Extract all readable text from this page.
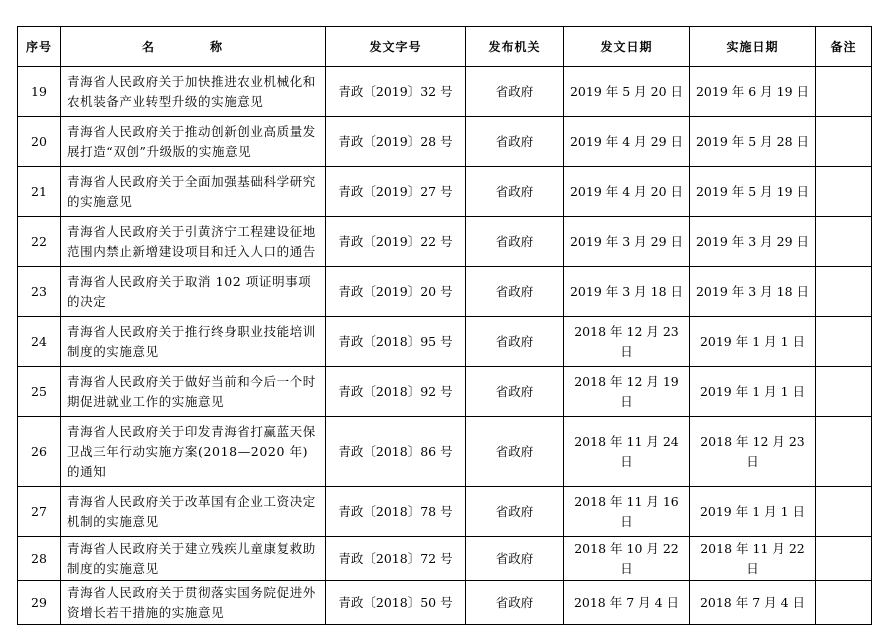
序号	名　称	发文字号	发布机关	发文日期	实施日期	备注
19	青海省人民政府关于加快推进农业机械化和农机装备产业转型升级的实施意见	青政〔2019〕32 号	省政府	2019 年 5 月 20 日	2019 年 6 月 19 日	
20	青海省人民政府关于推动创新创业高质量发展打造“双创”升级版的实施意见	青政〔2019〕28 号	省政府	2019 年 4 月 29 日	2019 年 5 月 28 日	
21	青海省人民政府关于全面加强基础科学研究的实施意见	青政〔2019〕27 号	省政府	2019 年 4 月 20 日	2019 年 5 月 19 日	
22	青海省人民政府关于引黄济宁工程建设征地范围内禁止新增建设项目和迁入人口的通告	青政〔2019〕22 号	省政府	2019 年 3 月 29 日	2019 年 3 月 29 日	
23	青海省人民政府关于取消 102 项证明事项的决定	青政〔2019〕20 号	省政府	2019 年 3 月 18 日	2019 年 3 月 18 日	
24	青海省人民政府关于推行终身职业技能培训制度的实施意见	青政〔2018〕95 号	省政府	2018 年 12 月 23 日	2019 年 1 月 1 日	
25	青海省人民政府关于做好当前和今后一个时期促进就业工作的实施意见	青政〔2018〕92 号	省政府	2018 年 12 月 19 日	2019 年 1 月 1 日	
26	青海省人民政府关于印发青海省打赢蓝天保卫战三年行动实施方案(2018—2020 年)的通知	青政〔2018〕86 号	省政府	2018 年 11 月 24 日	2018 年 12 月 23 日	
27	青海省人民政府关于改革国有企业工资决定机制的实施意见	青政〔2018〕78 号	省政府	2018 年 11 月 16 日	2019 年 1 月 1 日	
28	青海省人民政府关于建立残疾儿童康复救助制度的实施意见	青政〔2018〕72 号	省政府	2018 年 10 月 22 日	2018 年 11 月 22 日	
29	青海省人民政府关于贯彻落实国务院促进外资增长若干措施的实施意见	青政〔2018〕50 号	省政府	2018 年 7 月 4 日	2018 年 7 月 4 日	
